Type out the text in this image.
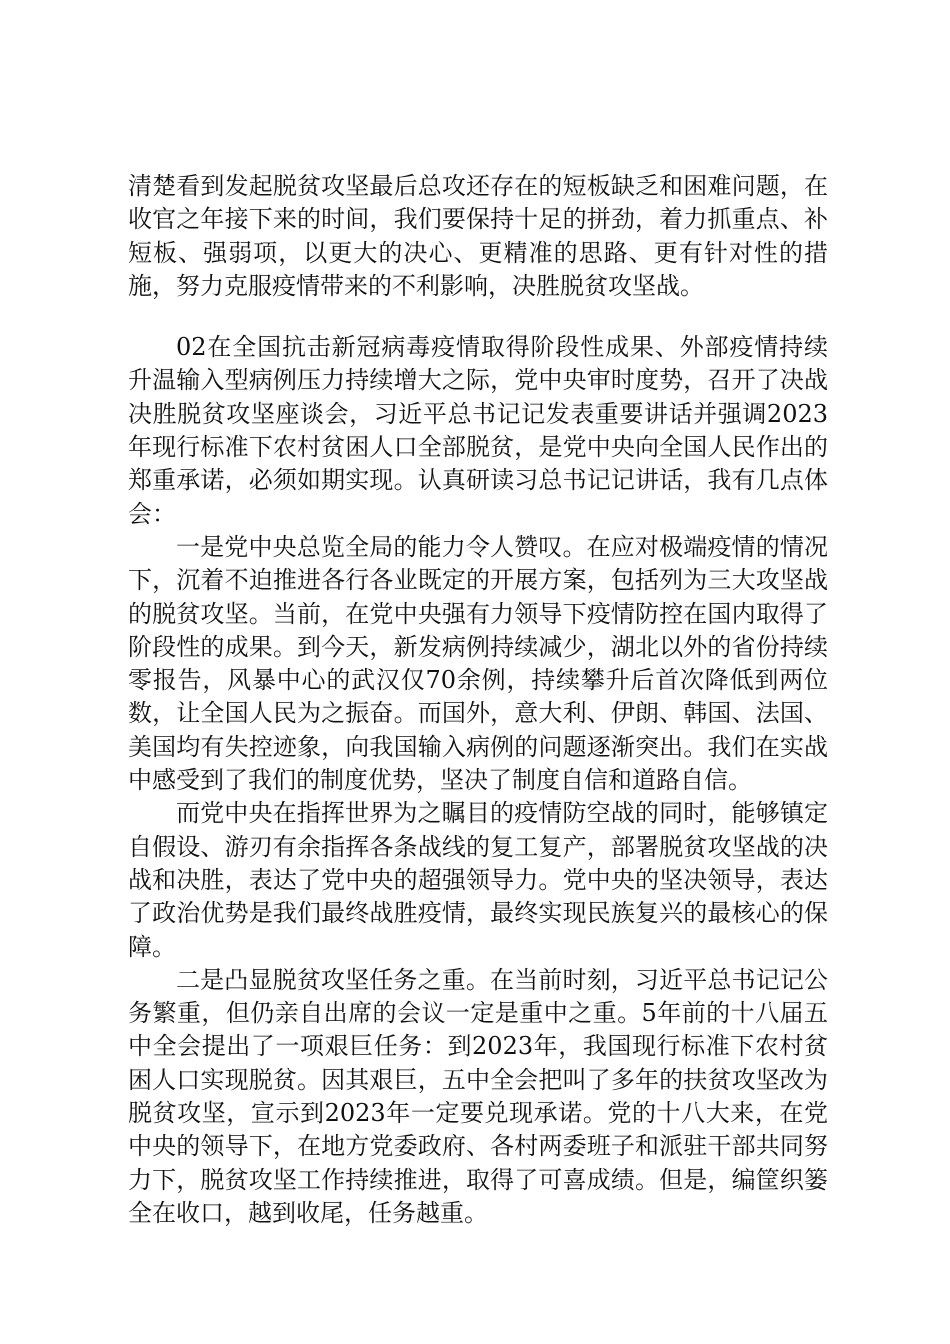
清楚看到发起脱贫攻坚最后总攻还存在的短板缺乏和困难问题，在收官之年接下来的时间，我们要保持十足的拼劲，着力抓重点、补短板、强弱项，以更大的决心、更精准的思路、更有针对性的措施，努力克服疫情带来的不利影响，决胜脱贫攻坚战。

02在全国抗击新冠病毒疫情取得阶段性成果、外部疫情持续升温输入型病例压力持续增大之际，党中央审时度势，召开了决战决胜脱贫攻坚座谈会，习近平总书记记发表重要讲话并强调2023年现行标准下农村贫困人口全部脱贫，是党中央向全国人民作出的郑重承诺，必须如期实现。认真研读习总书记记讲话，我有几点体会：

一是党中央总览全局的能力令人赞叹。在应对极端疫情的情况下，沉着不迫推进各行各业既定的开展方案，包括列为三大攻坚战的脱贫攻坚。当前，在党中央强有力领导下疫情防控在国内取得了阶段性的成果。到今天，新发病例持续减少，湖北以外的省份持续零报告，风暴中心的武汉仅70余例，持续攀升后首次降低到两位数，让全国人民为之振奋。而国外，意大利、伊朗、韩国、法国、美国均有失控迹象，向我国输入病例的问题逐渐突出。我们在实战中感受到了我们的制度优势，坚决了制度自信和道路自信。

而党中央在指挥世界为之瞩目的疫情防空战的同时，能够镇定自假设、游刃有余指挥各条战线的复工复产，部署脱贫攻坚战的决战和决胜，表达了党中央的超强领导力。党中央的坚决领导，表达了政治优势是我们最终战胜疫情，最终实现民族复兴的最核心的保障。

二是凸显脱贫攻坚任务之重。在当前时刻，习近平总书记记公务繁重，但仍亲自出席的会议一定是重中之重。5年前的十八届五中全会提出了一项艰巨任务：到2023年，我国现行标准下农村贫困人口实现脱贫。因其艰巨，五中全会把叫了多年的扶贫攻坚改为脱贫攻坚，宣示到2023年一定要兑现承诺。党的十八大来，在党中央的领导下，在地方党委政府、各村两委班子和派驻干部共同努力下，脱贫攻坚工作持续推进，取得了可喜成绩。但是，编筐织篓全在收口，越到收尾，任务越重。
